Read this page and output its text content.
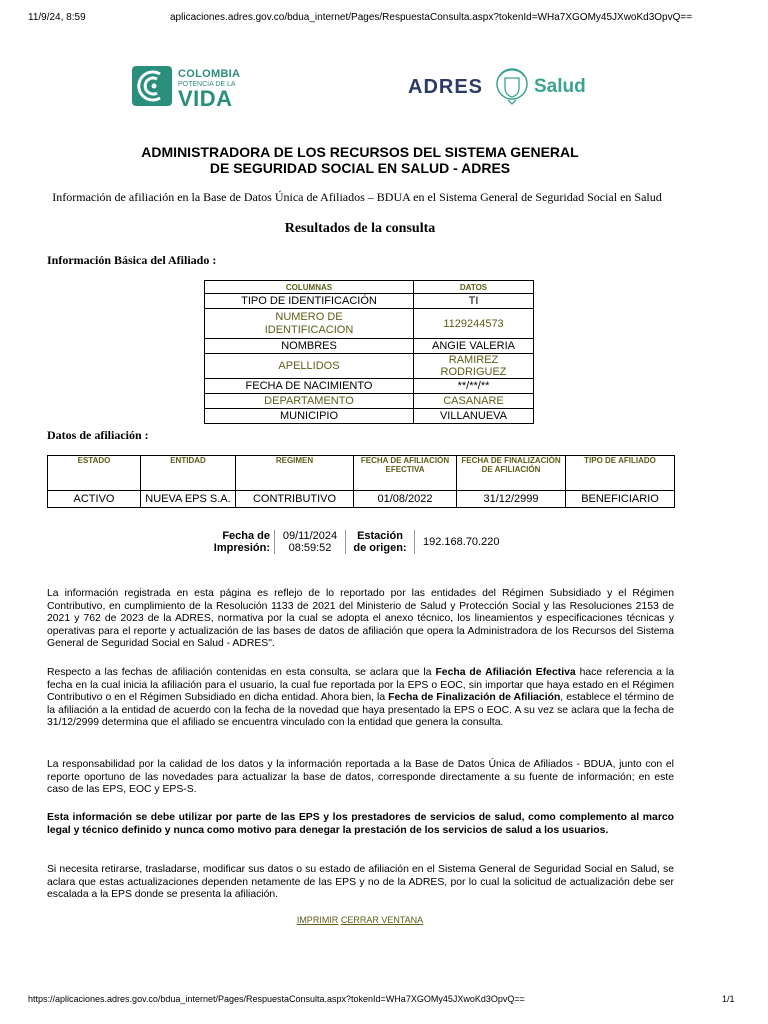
11/9/24, 8:59	aplicaciones.adres.gov.co/bdua_internet/Pages/RespuestaConsulta.aspx?tokenId=WHa7XGOMy45JXwoKd3OpvQ==
COLOMBIA
POTENCIA DE LA
VIDA	ADRES	Salud
ADMINISTRADORA DE LOS RECURSOS DEL SISTEMA GENERAL
DE SEGURIDAD SOCIAL EN SALUD - ADRES
Información de afiliación en la Base de Datos Única de Afiliados – BDUA en el Sistema General de Seguridad Social en Salud
Resultados de la consulta
Información Básica del Afiliado :
COLUMNAS	DATOS
TIPO DE IDENTIFICACIÓN	TI
NUMERO DE IDENTIFICACION	1129244573
NOMBRES	ANGIE VALERIA
APELLIDOS	RAMIREZ RODRIGUEZ
FECHA DE NACIMIENTO	**/**/**
DEPARTAMENTO	CASANARE
MUNICIPIO	VILLANUEVA
Datos de afiliación :
ESTADO	ENTIDAD	REGIMEN	FECHA DE AFILIACIÓN EFECTIVA	FECHA DE FINALIZACIÓN DE AFILIACIÓN	TIPO DE AFILIADO
ACTIVO	NUEVA EPS S.A.	CONTRIBUTIVO	01/08/2022	31/12/2999	BENEFICIARIO
Fecha de Impresión:	
09/11/2024
08:59:52
	Estación de origen:	192.168.70.220
La información registrada en esta página es reflejo de lo reportado por las entidades del Régimen Subsidiado y el Régimen Contributivo, en cumplimiento de la Resolución 1133 de 2021 del Ministerio de Salud y Protección Social y las Resoluciones 2153 de 2021 y 762 de 2023 de la ADRES, normativa por la cual se adopta el anexo técnico, los lineamientos y especificaciones técnicas y operativas para el reporte y actualización de las bases de datos de afiliación que opera la Administradora de los Recursos del Sistema General de Seguridad Social en Salud - ADRES".
Respecto a las fechas de afiliación contenidas en esta consulta, se aclara que la Fecha de Afiliación Efectiva hace referencia a la fecha en la cual inicia la afiliación para el usuario, la cual fue reportada por la EPS o EOC, sin importar que haya estado en el Régimen Contributivo o en el Régimen Subsidiado en dicha entidad. Ahora bien, la Fecha de Finalización de Afiliación, establece el término de la afiliación a la entidad de acuerdo con la fecha de la novedad que haya presentado la EPS o EOC. A su vez se aclara que la fecha de 31/12/2999 determina que el afiliado se encuentra vinculado con la entidad que genera la consulta.
La responsabilidad por la calidad de los datos y la información reportada a la Base de Datos Única de Afiliados - BDUA, junto con el reporte oportuno de las novedades para actualizar la base de datos, corresponde directamente a su fuente de información; en este caso de las EPS, EOC y EPS-S.
Esta información se debe utilizar por parte de las EPS y los prestadores de servicios de salud, como complemento al marco legal y técnico definido y nunca como motivo para denegar la prestación de los servicios de salud a los usuarios.
Si necesita retirarse, trasladarse, modificar sus datos o su estado de afiliación en el Sistema General de Seguridad Social en Salud, se aclara que estas actualizaciones dependen netamente de las EPS y no de la ADRES, por lo cual la solicitud de actualización debe ser escalada a la EPS donde se presenta la afiliación.
IMPRIMIR CERRAR VENTANA
https://aplicaciones.adres.gov.co/bdua_internet/Pages/RespuestaConsulta.aspx?tokenId=WHa7XGOMy45JXwoKd3OpvQ==	1/1
